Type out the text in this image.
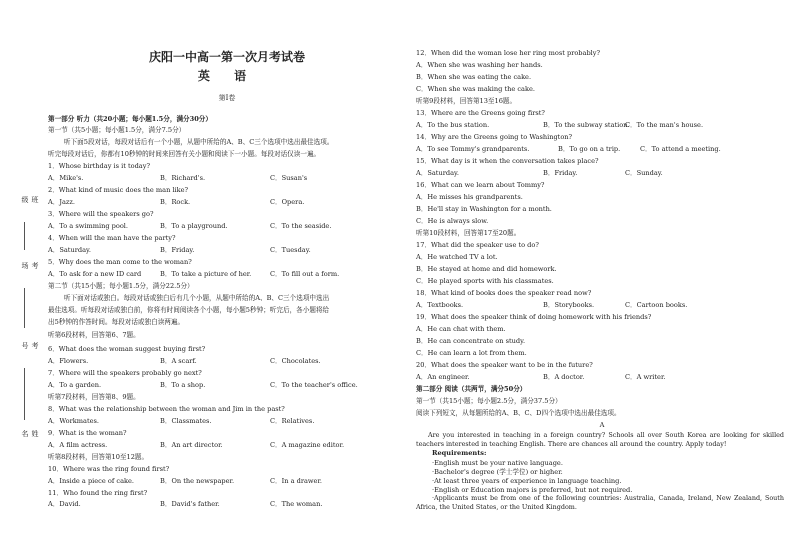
班级
考场
考号
姓名
庆阳一中高一第一次月考试卷
英 语
第Ⅰ卷
第一部分 听力（共20小题；每小题1.5分，满分30分）
第一节（共5小题；每小题1.5分，满分7.5分）
听下面5段对话，每段对话后有一个小题，从题中所给的A、B、C三个选项中选出最佳选项。
听完每段对话后，你都有10秒钟的时间来回答有关小题和阅读下一小题。每段对话仅读一遍。
1．Whose birthday is it today?
A．Mike's.	B．Richard's.	C．Susan's
2．What kind of music does the man like?
A．Jazz.	B．Rock.	C．Opera.
3．Where will the speakers go?
A．To a swimming pool.	B．To a playground.	C．To the seaside.
4．When will the man have the party?
A．Saturday.	B．Friday.	C．Tuesday.
5．Why does the man come to the woman?
A．To ask for a new ID card	B．To take a picture of her.	C．To fill out a form.
第二节（共15小题；每小题1.5分，满分22.5分）
听下面对话或独白。每段对话或独白后有几个小题，从题中所给的A、B、C三个选项中选出
最佳选项。听每段对话或独白前，你将有时间阅读各个小题，每小题5秒钟；听完后，各小题将给
出5秒钟的作答时间。每段对话或独白读两遍。
听第6段材料，回答第6、7题。
6．What does the woman suggest buying first?
A．Flowers.	B．A scarf.	C．Chocolates.
7．Where will the speakers probably go next?
A．To a garden.	B．To a shop.	C．To the teacher's office.
听第7段材料，回答第8、9题。
8．What was the relationship between the woman and Jim in the past?
A．Workmates.	B．Classmates.	C．Relatives.
9．What is the woman?
A．A film actress.	B．An art director.	C．A magazine editor.
听第8段材料，回答第10至12题。
10．Where was the ring found first?
A．Inside a piece of cake.	B．On the newspaper.	C．In a drawer.
11．Who found the ring first?
A．David.	B．David's father.	C．The woman.
12．When did the woman lose her ring most probably?
A．When she was washing her hands.
B．When she was eating the cake.
C．When she was making the cake.
听第9段材料，回答第13至16题。
13．Where are the Greens going first?
A．To the bus station.	B．To the subway station.
C．To the man's house.
14．Why are the Greens going to Washington?
A．To see Tommy's grandparents.	B．To go on a trip.	C．To attend a meeting.
15．What day is it when the conversation takes place?
A．Saturday.	B．Friday.	C．Sunday.
16．What can we learn about Tommy?
A．He misses his grandparents.
B．He'll stay in Washington for a month.
C．He is always slow.
听第10段材料，回答第17至20题。
17．What did the speaker use to do?
A．He watched TV a lot.
B．He stayed at home and did homework.
C．He played sports with his classmates.
18．What kind of books does the speaker read now?
A．Textbooks.	B．Storybooks.	C．Cartoon books.
19．What does the speaker think of doing homework with his friends?
A．He can chat with them.
B．He can concentrate on study.
C．He can learn a lot from them.
20．What does the speaker want to be in the future?
A．An engineer.	B．A doctor.	C．A writer.
第二部分 阅读（共两节，满分50分）
第一节（共15小题；每小题2.5分，满分37.5分）
阅读下列短文，从每题所给的A、B、C、D四个选项中选出最佳选项。
A
Are you interested in teaching in a foreign country? Schools all over South Korea are looking for skilled teachers interested in teaching English. There are chances all around the country. Apply today!
Requirements:
·English must be your native language.
·Bachelor's degree (学士学位) or higher.
·At least three years of experience in language teaching.
·English or Education majors is preferred, but not required.
·Applicants must be from one of the following countries: Australia, Canada, Ireland, New Zealand, South Africa, the United States, or the United Kingdom.
